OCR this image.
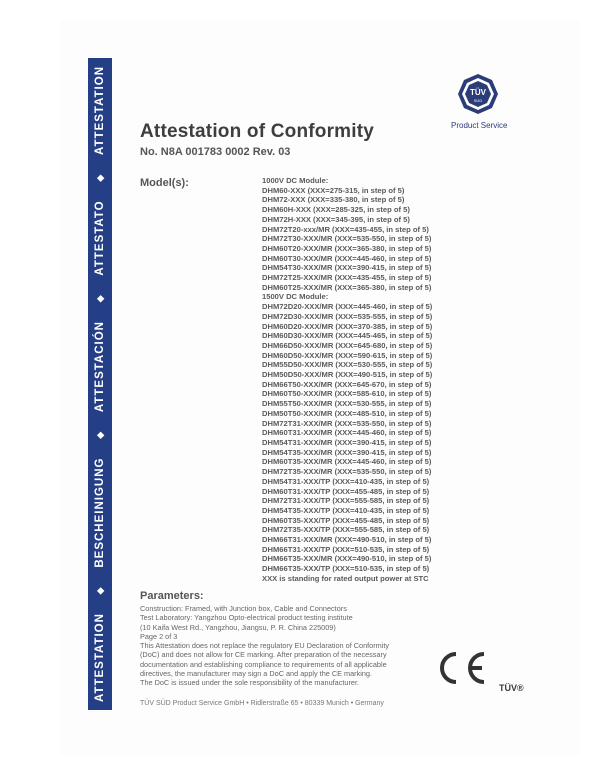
ATTESTATION
◆
BESCHEINIGUNG
◆
ATTESTACIÓN
◆
ATTESTATO
◆
ATTESTATION	TÜV
SÜD
Product Service
Attestation of Conformity
No. N8A 001783 0002 Rev. 03
Model(s):	1000V DC Module:
DHM60-XXX (XXX=275-315, in step of 5)
DHM72-XXX (XXX=335-380, in step of 5)
DHM60H-XXX (XXX=285-325, in step of 5)
DHM72H-XXX (XXX=345-395, in step of 5)
DHM72T20-xxx/MR (XXX=435-455, in step of 5)
DHM72T30-XXX/MR (XXX=535-550, in step of 5)
DHM60T20-XXX/MR (XXX=365-380, in step of 5)
DHM60T30-XXX/MR (XXX=445-460, in step of 5)
DHM54T30-XXX/MR (XXX=390-415, in step of 5)
DHM72T25-XXX/MR (XXX=435-455, in step of 5)
DHM60T25-XXX/MR (XXX=365-380, in step of 5)
1500V DC Module:
DHM72D20-XXX/MR (XXX=445-460, in step of 5)
DHM72D30-XXX/MR (XXX=535-555, in step of 5)
DHM60D20-XXX/MR (XXX=370-385, in step of 5)
DHM60D30-XXX/MR (XXX=445-465, in step of 5)
DHM66D50-XXX/MR (XXX=645-680, in step of 5)
DHM60D50-XXX/MR (XXX=590-615, in step of 5)
DHM55D50-XXX/MR (XXX=530-555, in step of 5)
DHM50D50-XXX/MR (XXX=490-515, in step of 5)
DHM66T50-XXX/MR (XXX=645-670, in step of 5)
DHM60T50-XXX/MR (XXX=585-610, in step of 5)
DHM55T50-XXX/MR (XXX=530-555, in step of 5)
DHM50T50-XXX/MR (XXX=485-510, in step of 5)
DHM72T31-XXX/MR (XXX=535-550, in step of 5)
DHM60T31-XXX/MR (XXX=445-460, in step of 5)
DHM54T31-XXX/MR (XXX=390-415, in step of 5)
DHM54T35-XXX/MR (XXX=390-415, in step of 5)
DHM60T35-XXX/MR (XXX=445-460, in step of 5)
DHM72T35-XXX/MR (XXX=535-550, in step of 5)
DHM54T31-XXX/TP (XXX=410-435, in step of 5)
DHM60T31-XXX/TP (XXX=455-485, in step of 5)
DHM72T31-XXX/TP (XXX=555-585, in step of 5)
DHM54T35-XXX/TP (XXX=410-435, in step of 5)
DHM60T35-XXX/TP (XXX=455-485, in step of 5)
DHM72T35-XXX/TP (XXX=555-585, in step of 5)
DHM66T31-XXX/MR (XXX=490-510, in step of 5)
DHM66T31-XXX/TP (XXX=510-535, in step of 5)
DHM66T35-XXX/MR (XXX=490-510, in step of 5)
DHM66T35-XXX/TP (XXX=510-535, in step of 5)
XXX is standing for rated output power at STC
Parameters:

Construction: Framed, with Junction box, Cable and Connectors

Test Laboratory: Yangzhou Opto-electrical product testing institute

(10 Kaifa West Rd., Yangzhou, Jiangsu, P. R. China 225009)

Page 2 of 3

This Attestation does not replace the regulatory EU Declaration of Conformity

(DoC) and does not allow for CE marking. After preparation of the necessary

documentation and establishing compliance to requirements of all applicable

directives, the manufacturer may sign a DoC and apply the CE marking.

The DoC is issued under the sole responsibility of the manufacturer.

CE
TÜV®
TÜV SÜD Product Service GmbH • Ridlerstraße 65 • 80339 Munich • Germany
